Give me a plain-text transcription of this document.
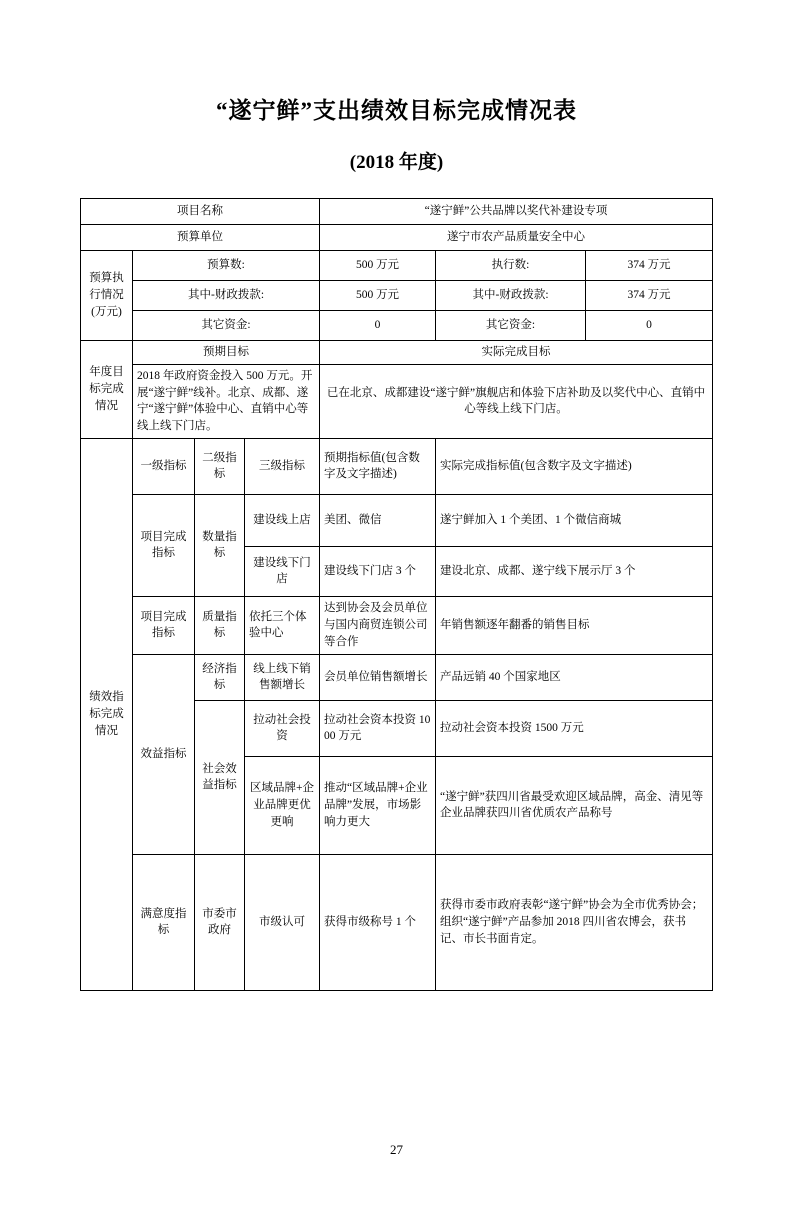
“遂宁鲜”支出绩效目标完成情况表
(2018 年度)
项目名称				“遂宁鲜”公共品牌以奖代补建设专项		
预算单位				遂宁市农产品质量安全中心		
预算执行情况(万元)	预算数:			500 万元	执行数:	374 万元
	其中-财政拨款:			500 万元	其中-财政拨款:	374 万元
	其它资金:			0	其它资金:	0
年度目标完成情况	预期目标			实际完成目标		
	2018 年政府资金投入 500 万元。开展“遂宁鲜”线补。北京、成都、遂宁“遂宁鲜”体验中心、直销中心等线上线下门店。			已在北京、成都建设“遂宁鲜”旗舰店和体验下店补助及以奖代中心、直销中心等线上线下门店。		
绩效指标完成情况	一级指标	二级指标	三级指标	预期指标值(包含数字及文字描述)	实际完成指标值(包含数字及文字描述)	
	项目完成指标	数量指标	建设线上店	美团、微信	遂宁鲜加入 1 个美团、1 个微信商城	
			建设线下门店	建设线下门店 3 个	建设北京、成都、遂宁线下展示厅 3 个	
	项目完成指标	质量指标	依托三个体验中心	达到协会及会员单位与国内商贸连锁公司等合作	年销售额逐年翻番的销售目标	
	效益指标	经济指标	线上线下销售额增长	会员单位销售额增长	产品远销 40 个国家地区	
		社会效益指标	拉动社会投资	拉动社会资本投资 1000 万元	拉动社会资本投资 1500 万元	
			区域品牌+企业品牌更优更响	推动“区域品牌+企业品牌”发展，市场影响力更大	“遂宁鲜”获四川省最受欢迎区域品牌，高金、清见等企业品牌获四川省优质农产品称号	
	满意度指标	市委市政府	市级认可	获得市级称号 1 个	获得市委市政府表彰“遂宁鲜”协会为全市优秀协会；组织“遂宁鲜”产品参加 2018 四川省农博会，获书记、市长书面肯定。	
27
